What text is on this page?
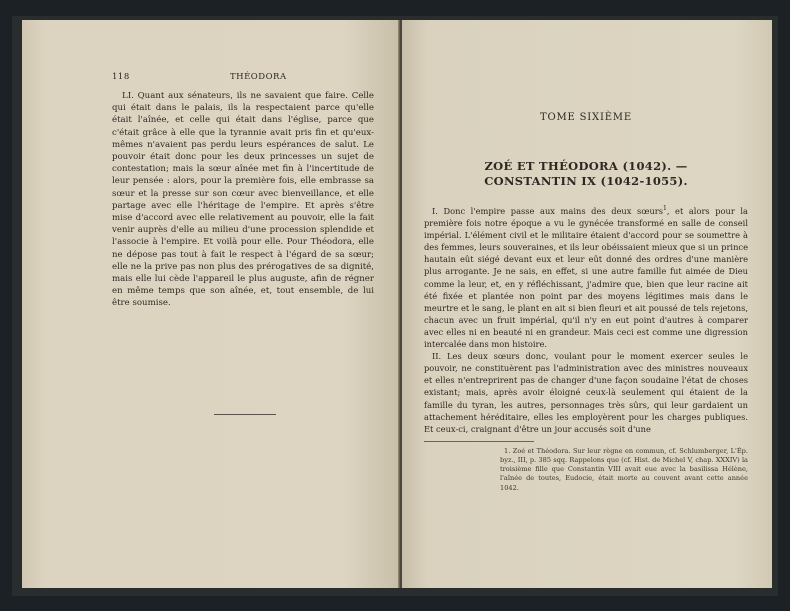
118	THÉODORA

LI. Quant aux sénateurs, ils ne savaient que faire. Celle qui était dans le palais, ils la respectaient parce qu'elle était l'aînée, et celle qui était dans l'église, parce que c'était grâce à elle que la tyrannie avait pris fin et qu'eux-mêmes n'avaient pas perdu leurs espérances de salut. Le pouvoir était donc pour les deux princesses un sujet de contestation; mais la sœur aînée met fin à l'incertitude de leur pensée : alors, pour la première fois, elle embrasse sa sœur et la presse sur son cœur avec bienveillance, et elle partage avec elle l'héritage de l'empire. Et après s'être mise d'accord avec elle relativement au pouvoir, elle la fait venir auprès d'elle au milieu d'une procession splendide et l'associe à l'empire. Et voilà pour elle. Pour Théodora, elle ne dépose pas tout à fait le respect à l'égard de sa sœur; elle ne la prive pas non plus des prérogatives de sa dignité, mais elle lui cède l'appareil le plus auguste, afin de régner en même temps que son aînée, et, tout ensemble, de lui être soumise.

TOME SIXIÈME
ZOÉ ET THÉODORA (1042). —
CONSTANTIN IX (1042-1055).

I. Donc l'empire passe aux mains des deux sœurs$^1$, et alors pour la première fois notre époque a vu le gynécée transformé en salle de conseil impérial. L'élément civil et le militaire étaient d'accord pour se soumettre à des femmes, leurs souveraines, et ils leur obéissaient mieux que si un prince hautain eût siégé devant eux et leur eût donné des ordres d'une manière plus arrogante. Je ne sais, en effet, si une autre famille fut aimée de Dieu comme la leur, et, en y réfléchissant, j'admire que, bien que leur racine ait été fixée et plantée non point par des moyens légitimes mais dans le meurtre et le sang, le plant en ait si bien fleuri et ait poussé de tels rejetons, chacun avec un fruit impérial, qu'il n'y en eut point d'autres à comparer avec elles ni en beauté ni en grandeur. Mais ceci est comme une digression intercalée dans mon histoire.

II. Les deux sœurs donc, voulant pour le moment exercer seules le pouvoir, ne constituèrent pas l'administration avec des ministres nouveaux et elles n'entreprirent pas de changer d'une façon soudaine l'état de choses existant; mais, après avoir éloigné ceux-là seulement qui étaient de la famille du tyran, les autres, personnages très sûrs, qui leur gardaient un attachement héréditaire, elles les employèrent pour les charges publiques. Et ceux-ci, craignant d'être un jour accusés soit d'une

1. Zoé et Théodora. Sur leur règne en commun, cf. Schlumberger, L'Ép. byz., III, p. 385 sqq. Rappelons que (cf. Hist. de Michel V, chap. XXXIV) la troisième fille que Constantin VIII avait eue avec la basilissa Hélène, l'aînée de toutes, Eudocie, était morte au couvent avant cette année 1042.
